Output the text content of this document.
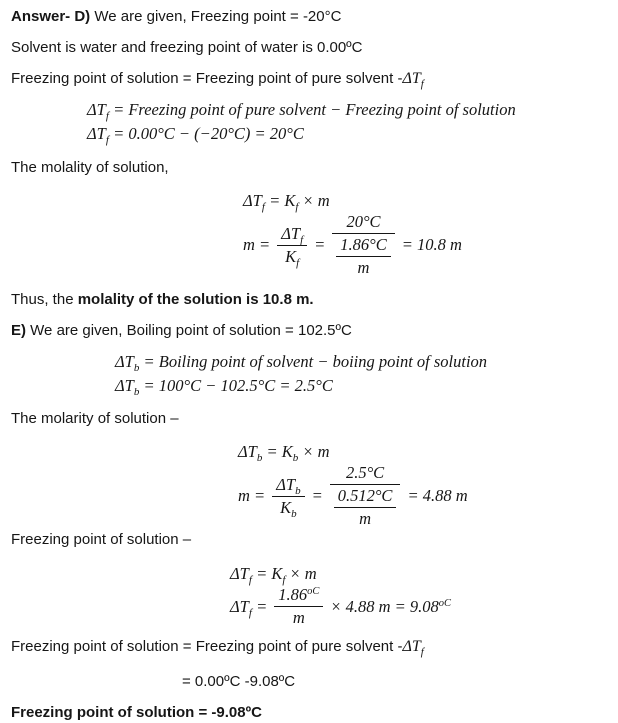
Answer- D) We are given, Freezing point = -20°C

Solvent is water and freezing point of water is 0.00ºC

Freezing point of solution = Freezing point of pure solvent $-\Delta T_f$

$\Delta T_f$ = Freezing point of pure solvent − Freezing point of solution
$\Delta T_f = 0.00^\circ C - (-20^\circ C) = 20^\circ C$

The molality of solution,

$\Delta T_f = K_f \times m$
$m = \frac{\Delta T_f}{K_f} = \frac{20^\circ C}{\frac{1.86^\circ C}{m}} = 10.8$ m

Thus, the molality of the solution is 10.8 m.

E) We are given, Boiling point of solution = 102.5ºC

$\Delta T_b$ = Boiling point of solvent − boiing point of solution
$\Delta T_b = 100^\circ C - 102.5^\circ C = 2.5^\circ C$

The molarity of solution –

$\Delta T_b = K_b \times m$
$m = \frac{\Delta T_b}{K_b} = \frac{2.5^\circ C}{\frac{0.512^\circ C}{m}} = 4.88$ m

Freezing point of solution –

$\Delta T_f = K_f \times m$
$\Delta T_f = \frac{1.86^{oC}}{m} \times 4.88$ $m = 9.08^{oC}$

Freezing point of solution = Freezing point of pure solvent $-\Delta T_f$

= 0.00ºC -9.08ºC

Freezing point of solution = -9.08ºC
